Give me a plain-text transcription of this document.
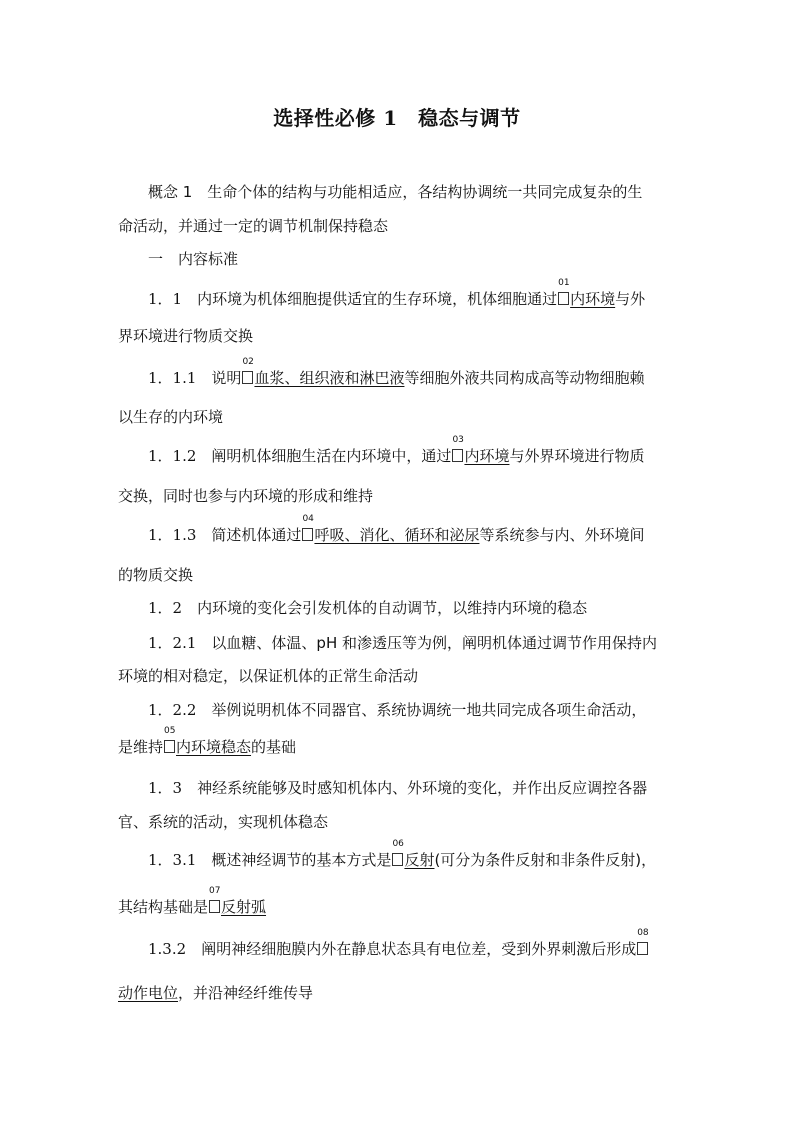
选择性必修 1　稳态与调节
概念 1　生命个体的结构与功能相适应，各结构协调统一共同完成复杂的生
命活动，并通过一定的调节机制保持稳态
一　内容标准
1．1　 内环境为机体细胞提供适宜的生存环境，机体细胞通过
01
内环境与外
界环境进行物质交换
1．1.1　 说明
02
血浆、组织液和淋巴液等细胞外液共同构成高等动物细胞赖
以生存的内环境
1．1.2　 阐明机体细胞生活在内环境中，通过
03
内环境与外界环境进行物质
交换，同时也参与内环境的形成和维持
1．1.3　 简述机体通过
04
呼吸、消化、循环和泌尿等系统参与内、外环境间
的物质交换
1．2　 内环境的变化会引发机体的自动调节，以维持内环境的稳态
1．2.1　 以血糖、体温、pH 和渗透压等为例，阐明机体通过调节作用保持内
环境的相对稳定，以保证机体的正常生命活动
1．2.2　 举例说明机体不同器官、系统协调统一地共同完成各项生命活动，
是维持
05
内环境稳态的基础
1．3　 神经系统能够及时感知机体内、外环境的变化，并作出反应调控各器
官、系统的活动，实现机体稳态
1．3.1　 概述神经调节的基本方式是
06
反射(可分为条件反射和非条件反射)，
其结构基础是
07
反射弧
1.3.2　 阐明神经细胞膜内外在静息状态具有电位差，受到外界刺激后形成
08
动作电位，并沿神经纤维传导
